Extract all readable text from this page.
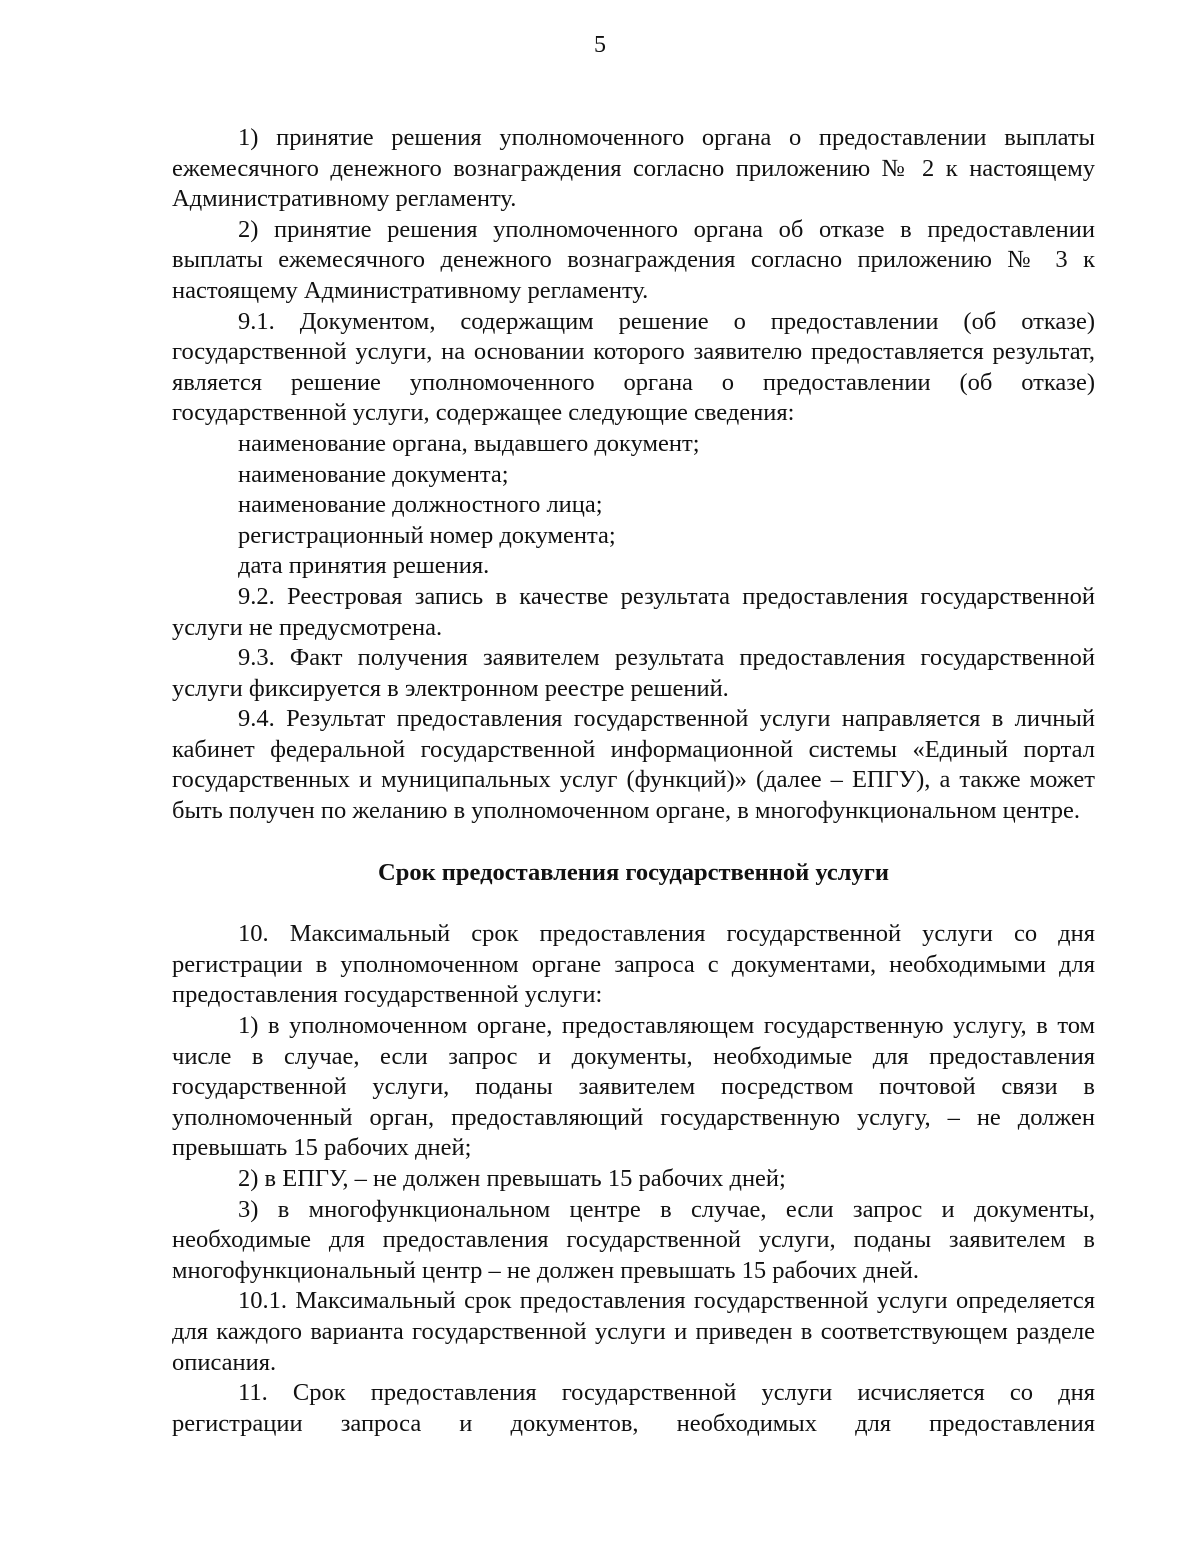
5

1) принятие решения уполномоченного органа о предоставлении выплаты ежемесячного денежного вознаграждения согласно приложению № 2 к настоящему Административному регламенту.

2) принятие решения уполномоченного органа об отказе в предоставлении выплаты ежемесячного денежного вознаграждения согласно приложению № 3 к настоящему Административному регламенту.

9.1. Документом, содержащим решение о предоставлении (об отказе) государственной услуги, на основании которого заявителю предоставляется результат, является решение уполномоченного органа о предоставлении (об отказе) государственной услуги, содержащее следующие сведения:

наименование органа, выдавшего документ;

наименование документа;

наименование должностного лица;

регистрационный номер документа;

дата принятия решения.

9.2. Реестровая запись в качестве результата предоставления государственной услуги не предусмотрена.

9.3. Факт получения заявителем результата предоставления государственной услуги фиксируется в электронном реестре решений.

9.4. Результат предоставления государственной услуги направляется в личный кабинет федеральной государственной информационной системы «Единый портал государственных и муниципальных услуг (функций)» (далее – ЕПГУ), а также может быть получен по желанию в уполномоченном органе, в многофункциональном центре.

Срок предоставления государственной услуги

10. Максимальный срок предоставления государственной услуги со дня регистрации в уполномоченном органе запроса с документами, необходимыми для предоставления государственной услуги:

1) в уполномоченном органе, предоставляющем государственную услугу, в том числе в случае, если запрос и документы, необходимые для предоставления государственной услуги, поданы заявителем посредством почтовой связи в уполномоченный орган, предоставляющий государственную услугу, – не должен превышать 15 рабочих дней;

2) в ЕПГУ, – не должен превышать 15 рабочих дней;

3) в многофункциональном центре в случае, если запрос и документы, необходимые для предоставления государственной услуги, поданы заявителем в многофункциональный центр – не должен превышать 15 рабочих дней.

10.1. Максимальный срок предоставления государственной услуги определяется для каждого варианта государственной услуги и приведен в соответствующем разделе описания.

11. Срок предоставления государственной услуги исчисляется со дня регистрации запроса и документов, необходимых для предоставления
